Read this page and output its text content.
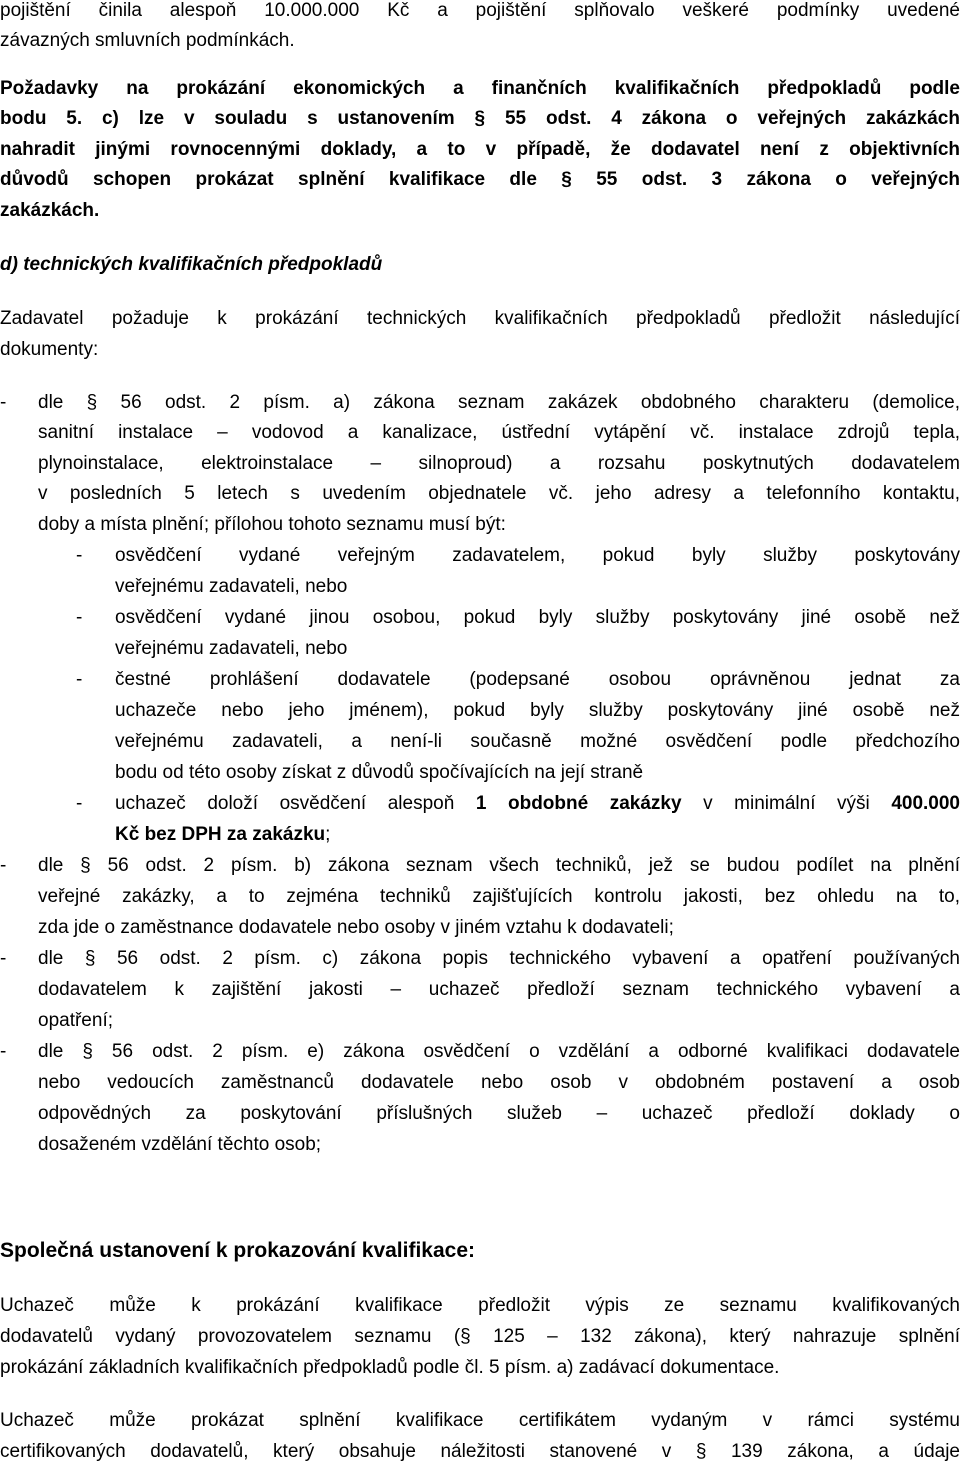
pojištění činila alespoň 10.000.000 Kč a pojištění splňovalo veškeré podmínky uvedené
závazných smluvních podmínkách.
Požadavky na prokázání ekonomických a finančních kvalifikačních předpokladů podle
bodu 5. c) lze v souladu s ustanovením § 55 odst. 4 zákona o veřejných zakázkách
nahradit jinými rovnocennými doklady, a to v případě, že dodavatel není z objektivních
důvodů schopen prokázat splnění kvalifikace dle § 55 odst. 3 zákona o veřejných
zakázkách.
d) technických kvalifikačních předpokladů
Zadavatel požaduje k prokázání technických kvalifikačních předpokladů předložit následující
dokumenty:
-	dle § 56 odst. 2 písm. a) zákona seznam zakázek obdobného charakteru (demolice,
sanitní instalace – vodovod a kanalizace, ústřední vytápění vč. instalace zdrojů tepla,
plynoinstalace, elektroinstalace – silnoproud) a rozsahu poskytnutých dodavatelem
v posledních 5 letech s uvedením objednatele vč. jeho adresy a telefonního kontaktu,
doby a místa plnění; přílohou tohoto seznamu musí být:
-	osvědčení vydané veřejným zadavatelem, pokud byly služby poskytovány
veřejnému zadavateli, nebo
-	osvědčení vydané jinou osobou, pokud byly služby poskytovány jiné osobě než
veřejnému zadavateli, nebo
-	čestné prohlášení dodavatele (podepsané osobou oprávněnou jednat za
uchazeče nebo jeho jménem), pokud byly služby poskytovány jiné osobě než
veřejnému zadavateli, a není-li současně možné osvědčení podle předchozího
bodu od této osoby získat z důvodů spočívajících na její straně
-	uchazeč doloží osvědčení alespoň 1 obdobné zakázky v minimální výši 400.000
Kč bez DPH za zakázku;
-	dle § 56 odst. 2 písm. b) zákona seznam všech techniků, jež se budou podílet na plnění
veřejné zakázky, a to zejména techniků zajišťujících kontrolu jakosti, bez ohledu na to,
zda jde o zaměstnance dodavatele nebo osoby v jiném vztahu k dodavateli;
-	dle § 56 odst. 2 písm. c) zákona popis technického vybavení a opatření používaných
dodavatelem k zajištění jakosti – uchazeč předloží seznam technického vybavení a
opatření;
-	dle § 56 odst. 2 písm. e) zákona osvědčení o vzdělání a odborné kvalifikaci dodavatele
nebo vedoucích zaměstnanců dodavatele nebo osob v obdobném postavení a osob
odpovědných za poskytování příslušných služeb – uchazeč předloží doklady o
dosaženém vzdělání těchto osob;
Společná ustanovení k prokazování kvalifikace:
Uchazeč může k prokázání kvalifikace předložit výpis ze seznamu kvalifikovaných
dodavatelů vydaný provozovatelem seznamu (§ 125 – 132 zákona), který nahrazuje splnění
prokázání základních kvalifikačních předpokladů podle čl. 5 písm. a) zadávací dokumentace.
Uchazeč může prokázat splnění kvalifikace certifikátem vydaným v rámci systému
certifikovaných dodavatelů, který obsahuje náležitosti stanovené v § 139 zákona, a údaje
